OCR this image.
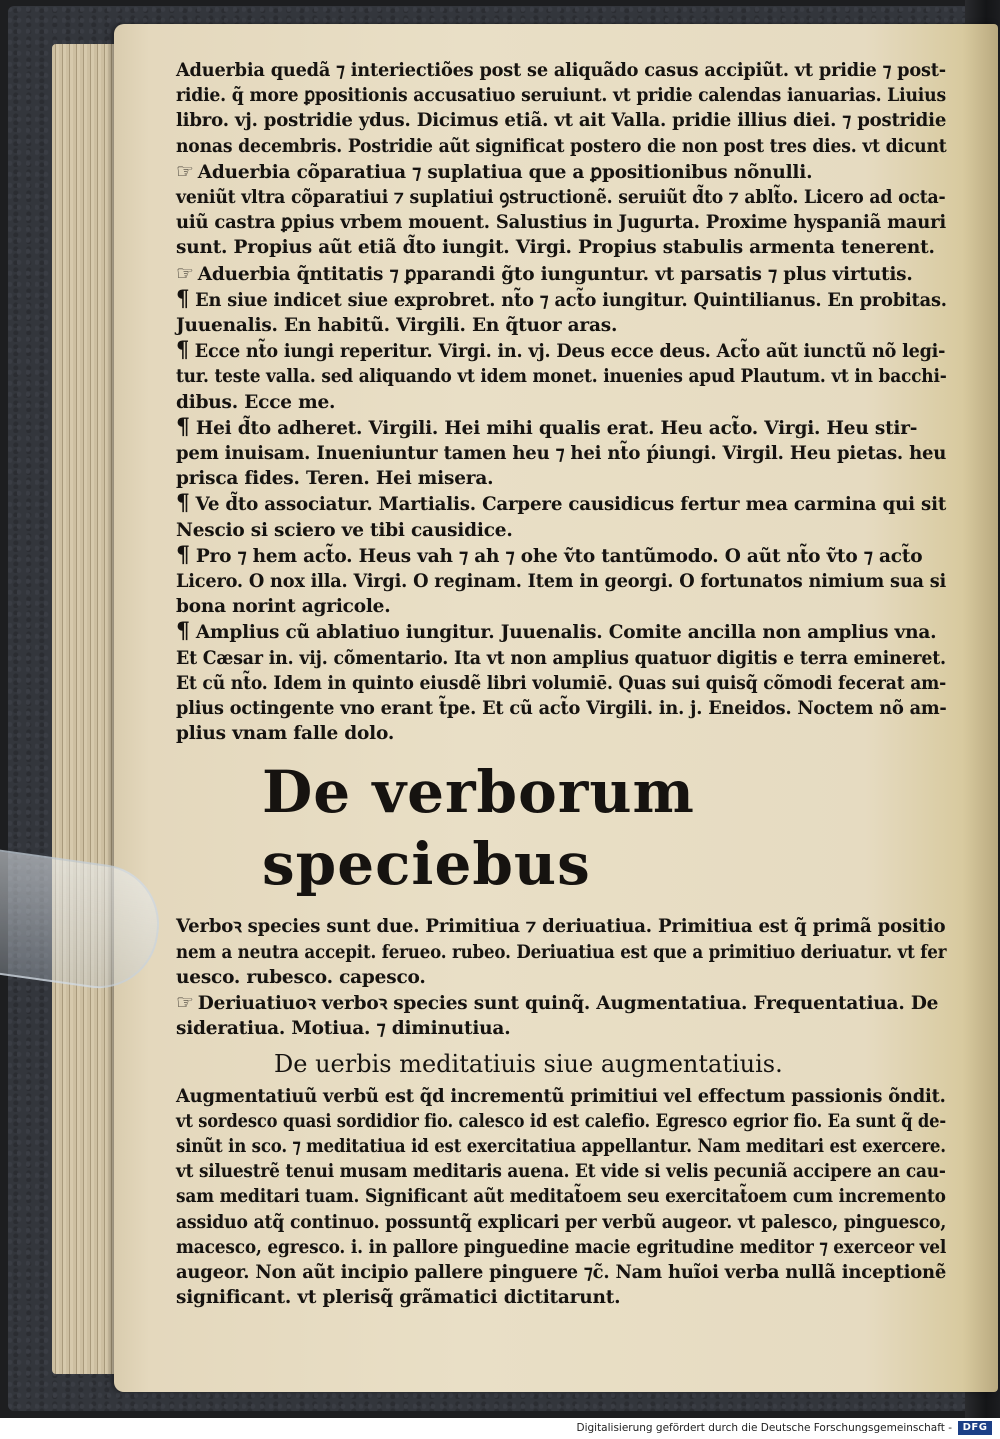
Aduerbia quedã ⁊ interiectiões post se aliquãdo casus accipiũt. vt pridie ⁊ post-
ridie. q̃ more ꝑpositionis accusatiuo seruiunt. vt pridie calendas ianuarias. Liuius
libro. vj. postridie ydus. Dicimus etiã. vt ait Valla. pridie illius diei. ⁊ postridie
nonas decembris. Postridie aũt significat postero die non post tres dies. vt dicunt
☞ Aduerbia cõparatiua ⁊ suplatiua que a ꝑpositionibus nõnulli.
veniũt vltra cõparatiui ⁊ suplatiui ꝯstructionẽ. seruiũt d̃to ⁊ ablt̃o. Licero ad octa-
uiũ castra ꝑpius vrbem mouent. Salustius in Jugurta. Proxime hyspaniã mauri
sunt. Propius aũt etiã d̃to iungit. Virgi. Propius stabulis armenta tenerent.
☞ Aduerbia q̃ntitatis ⁊ ꝑparandi g̃to iunguntur. vt parsatis ⁊ plus virtutis.
¶ En siue indicet siue exprobret. nt̃o ⁊ act̃o iungitur. Quintilianus. En probitas.
Juuenalis. En habitũ. Virgili. En q̃tuor aras.
¶ Ecce nt̃o iungi reperitur. Virgi. in. vj. Deus ecce deus. Act̃o aũt iunctũ nõ legi-
tur. teste valla. sed aliquando vt idem monet. inuenies apud Plautum. vt in bacchi-
dibus. Ecce me.
¶ Hei d̃to adheret. Virgili. Hei mihi qualis erat. Heu act̃o. Virgi. Heu stir-
pem inuisam. Inueniuntur tamen heu ⁊ hei nt̃o ṕiungi. Virgil. Heu pietas. heu
prisca fides. Teren. Hei misera.
¶ Ve d̃to associatur. Martialis. Carpere causidicus fertur mea carmina qui sit
Nescio si sciero ve tibi causidice.
¶ Pro ⁊ hem act̃o. Heus vah ⁊ ah ⁊ ohe ṽto tantũmodo. O aũt nt̃o ṽto ⁊ act̃o
Licero. O nox illa. Virgi. O reginam. Item in georgi. O fortunatos nimium sua si
bona norint agricole.
¶ Amplius cũ ablatiuo iungitur. Juuenalis. Comite ancilla non amplius vna.
Et Cæsar in. vij. cõmentario. Ita vt non amplius quatuor digitis e terra emineret.
Et cũ nt̃o. Idem in quinto eiusdẽ libri volumiē. Quas sui quisq̃ cõmodi fecerat am-
plius octingente vno erant t̃pe. Et cũ act̃o Virgili. in. j. Eneidos. Noctem nõ am-
plius vnam falle dolo.
De verborum speciebus
Verboꝛ species sunt due. Primitiua ⁊ deriuatiua. Primitiua est q̃ primã positio
nem a neutra accepit. ferueo. rubeo. Deriuatiua est que a primitiuo deriuatur. vt fer
uesco. rubesco. capesco.
☞ Deriuatiuoꝛ verboꝛ species sunt quinq̃. Augmentatiua. Frequentatiua. De
sideratiua. Motiua. ⁊ diminutiua.
De uerbis meditatiuis siue augmentatiuis.
Augmentatiuũ verbũ est q̃d incrementũ primitiui vel effectum passionis õndit.
vt sordesco quasi sordidior fio. calesco id est calefio. Egresco egrior fio. Ea sunt q̃ de-
sinũt in sco. ⁊ meditatiua id est exercitatiua appellantur. Nam meditari est exercere.
vt siluestrẽ tenui musam meditaris auena. Et vide si velis pecuniã accipere an cau-
sam meditari tuam. Significant aũt meditat̃oem seu exercitat̃oem cum incremento
assiduo atq̃ continuo. possuntq̃ explicari per verbũ augeor. vt palesco, pinguesco,
macesco, egresco. i. in pallore pinguedine macie egritudine meditor ⁊ exerceor vel
augeor. Non aũt incipio pallere pinguere ⁊c̃. Nam huĩoi verba nullã inceptionẽ
significant. vt plerisq̃ grãmatici dictitarunt.
Digitalisierung gefördert durch die Deutsche Forschungsgemeinschaft -	DFG
